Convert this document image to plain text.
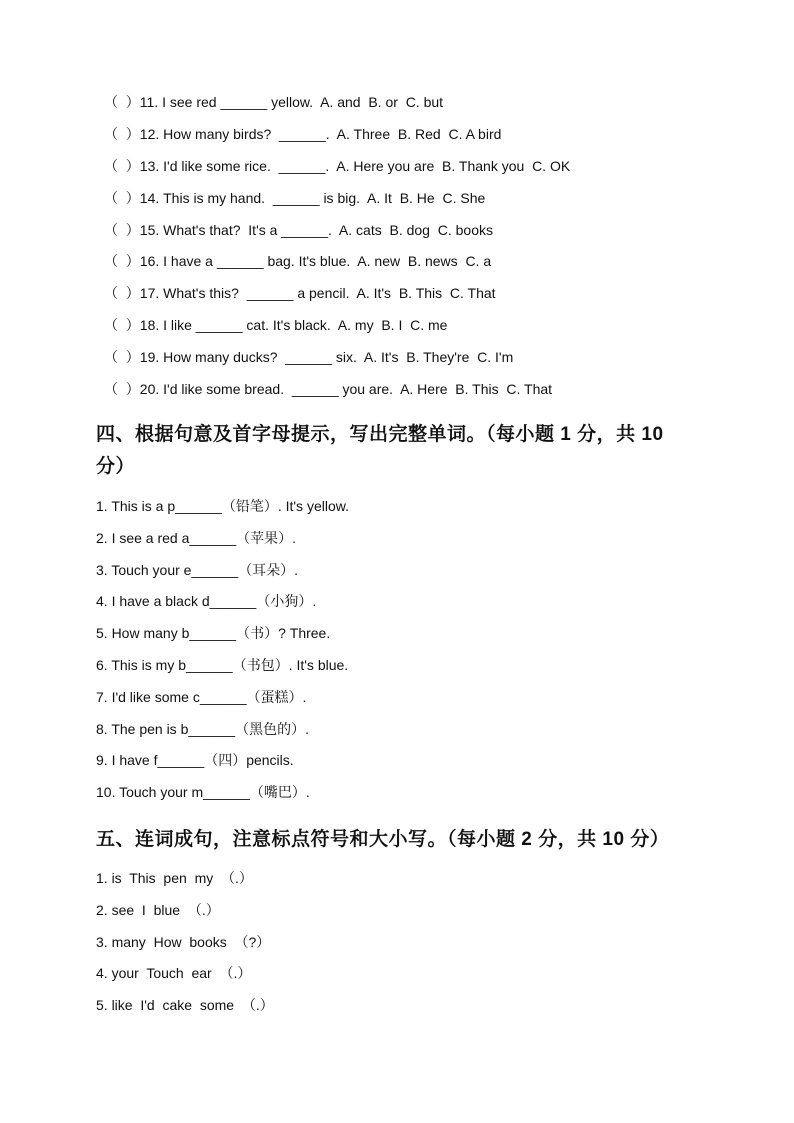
（  ）11. I see red ______ yellow.  A. and  B. or  C. but
（  ）12. How many birds?  ______.  A. Three  B. Red  C. A bird
（  ）13. I'd like some rice.  ______.  A. Here you are  B. Thank you  C. OK
（  ）14. This is my hand.  ______ is big.  A. It  B. He  C. She
（  ）15. What's that?  It's a ______.  A. cats  B. dog  C. books
（  ）16. I have a ______ bag. It's blue.  A. new  B. news  C. a
（  ）17. What's this?  ______ a pencil.  A. It's  B. This  C. That
（  ）18. I like ______ cat. It's black.  A. my  B. I  C. me
（  ）19. How many ducks?  ______ six.  A. It's  B. They're  C. I'm
（  ）20. I'd like some bread.  ______ you are.  A. Here  B. This  C. That
四、根据句意及首字母提示，写出完整单词。（每小题 1 分，共 10
分）
1. This is a p______（铅笔）. It's yellow.
2. I see a red a______（苹果）.
3. Touch your e______（耳朵）.
4. I have a black d______（小狗）.
5. How many b______（书）? Three.
6. This is my b______（书包）. It's blue.
7. I'd like some c______（蛋糕）.
8. The pen is b______（黑色的）.
9. I have f______（四）pencils.
10. Touch your m______（嘴巴）.
五、连词成句，注意标点符号和大小写。（每小题 2 分，共 10 分）
1. is  This  pen  my  （.）
2. see  I  blue  （.）
3. many  How  books  （?）
4. your  Touch  ear  （.）
5. like  I'd  cake  some  （.）
